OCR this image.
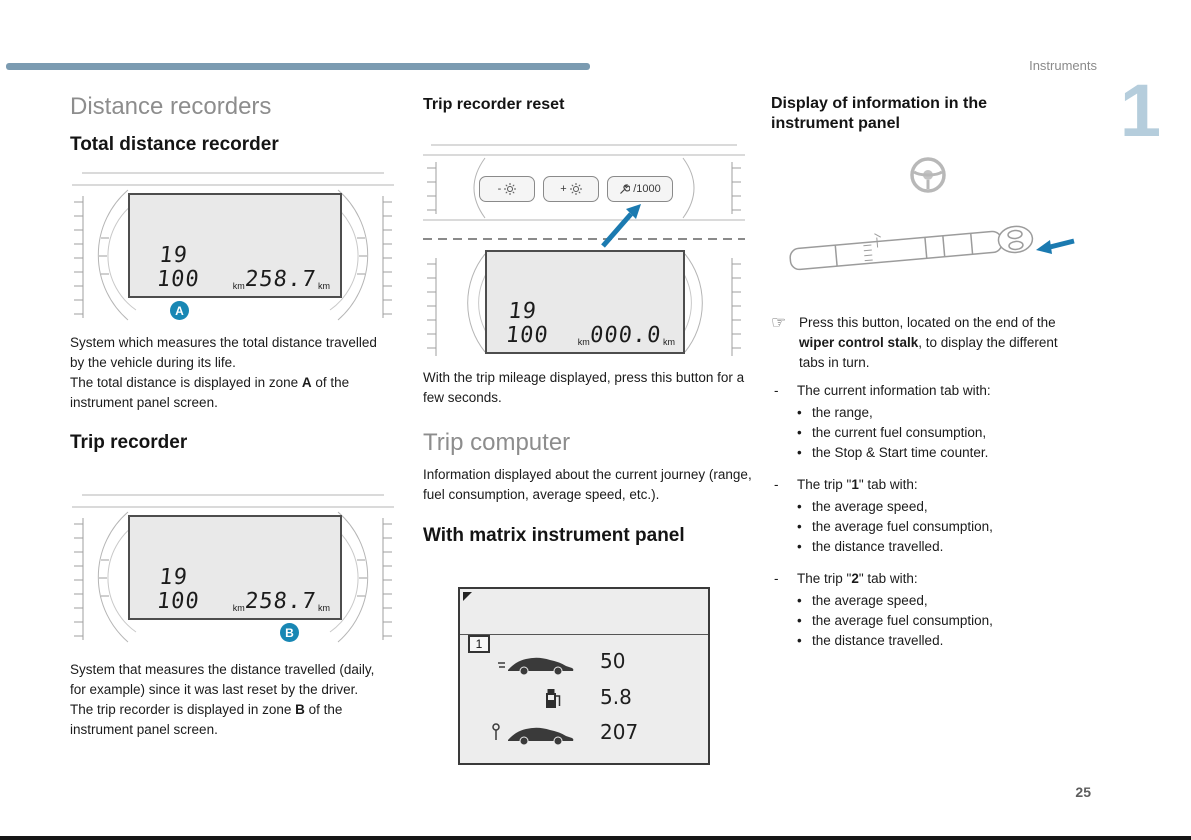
Instruments
1
Distance recorders
Total distance recorder
19 100	km
258.7 km
A
System which measures the total distance travelled by the vehicle during its life.
The total distance is displayed in zone A of the instrument panel screen.
Trip recorder
19 100	km
258.7 km
B
System that measures the distance travelled (daily, for example) since it was last reset by the driver.
The trip recorder is displayed in zone B of the instrument panel screen.
Trip recorder reset
-	+	/1000
19 100	km
000.0 km
With the trip mileage displayed, press this button for a few seconds.
Trip computer
Information displayed about the current journey (range, fuel consumption, average speed, etc.).
With matrix instrument panel
1
50
5.8
207
Display of information in the instrument panel
☞ Press this button, located on the end of the wiper control stalk, to display the different tabs in turn.
-	The current information tab with:
• the range,
• the current fuel consumption,
• the Stop & Start time counter.
-	The trip "1" tab with:
• the average speed,
• the average fuel consumption,
• the distance travelled.
-	The trip "2" tab with:
• the average speed,
• the average fuel consumption,
• the distance travelled.
25
